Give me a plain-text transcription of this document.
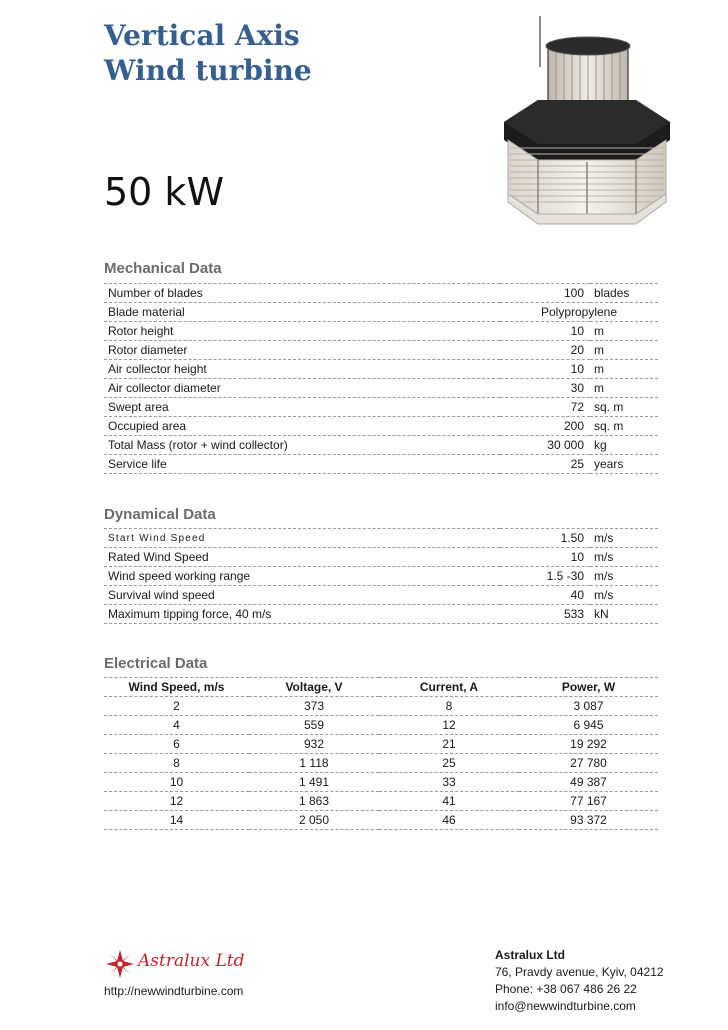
Vertical Axis
Wind turbine
50 kW
Mechanical Data
Number of blades	100	blades
Blade material	Polypropylene	
Rotor height	10	m
Rotor diameter	20	m
Air collector height	10	m
Air collector diameter	30	m
Swept area	72	sq. m
Occupied area	200	sq. m
Total Mass (rotor + wind collector)	30 000	kg
Service life	25	years
Dynamical Data
Start Wind Speed	1.50	m/s
Rated Wind Speed	10	m/s
Wind speed working range	1.5 -30	m/s
Survival wind speed	40	m/s
Maximum tipping force, 40 m/s	533	kN
Electrical Data
Wind Speed, m/s	Voltage, V	Current, A	Power, W
2	373	8	3 087
4	559	12	6 945
6	932	21	19 292
8	1 118	25	27 780
10	1 491	33	49 387
12	1 863	41	77 167
14	2 050	46	93 372
Astralux Ltd
http://newwindturbine.com
Astralux Ltd
76, Pravdy avenue, Kyiv, 04212
Phone: +38 067 486 26 22
info@newwindturbine.com
